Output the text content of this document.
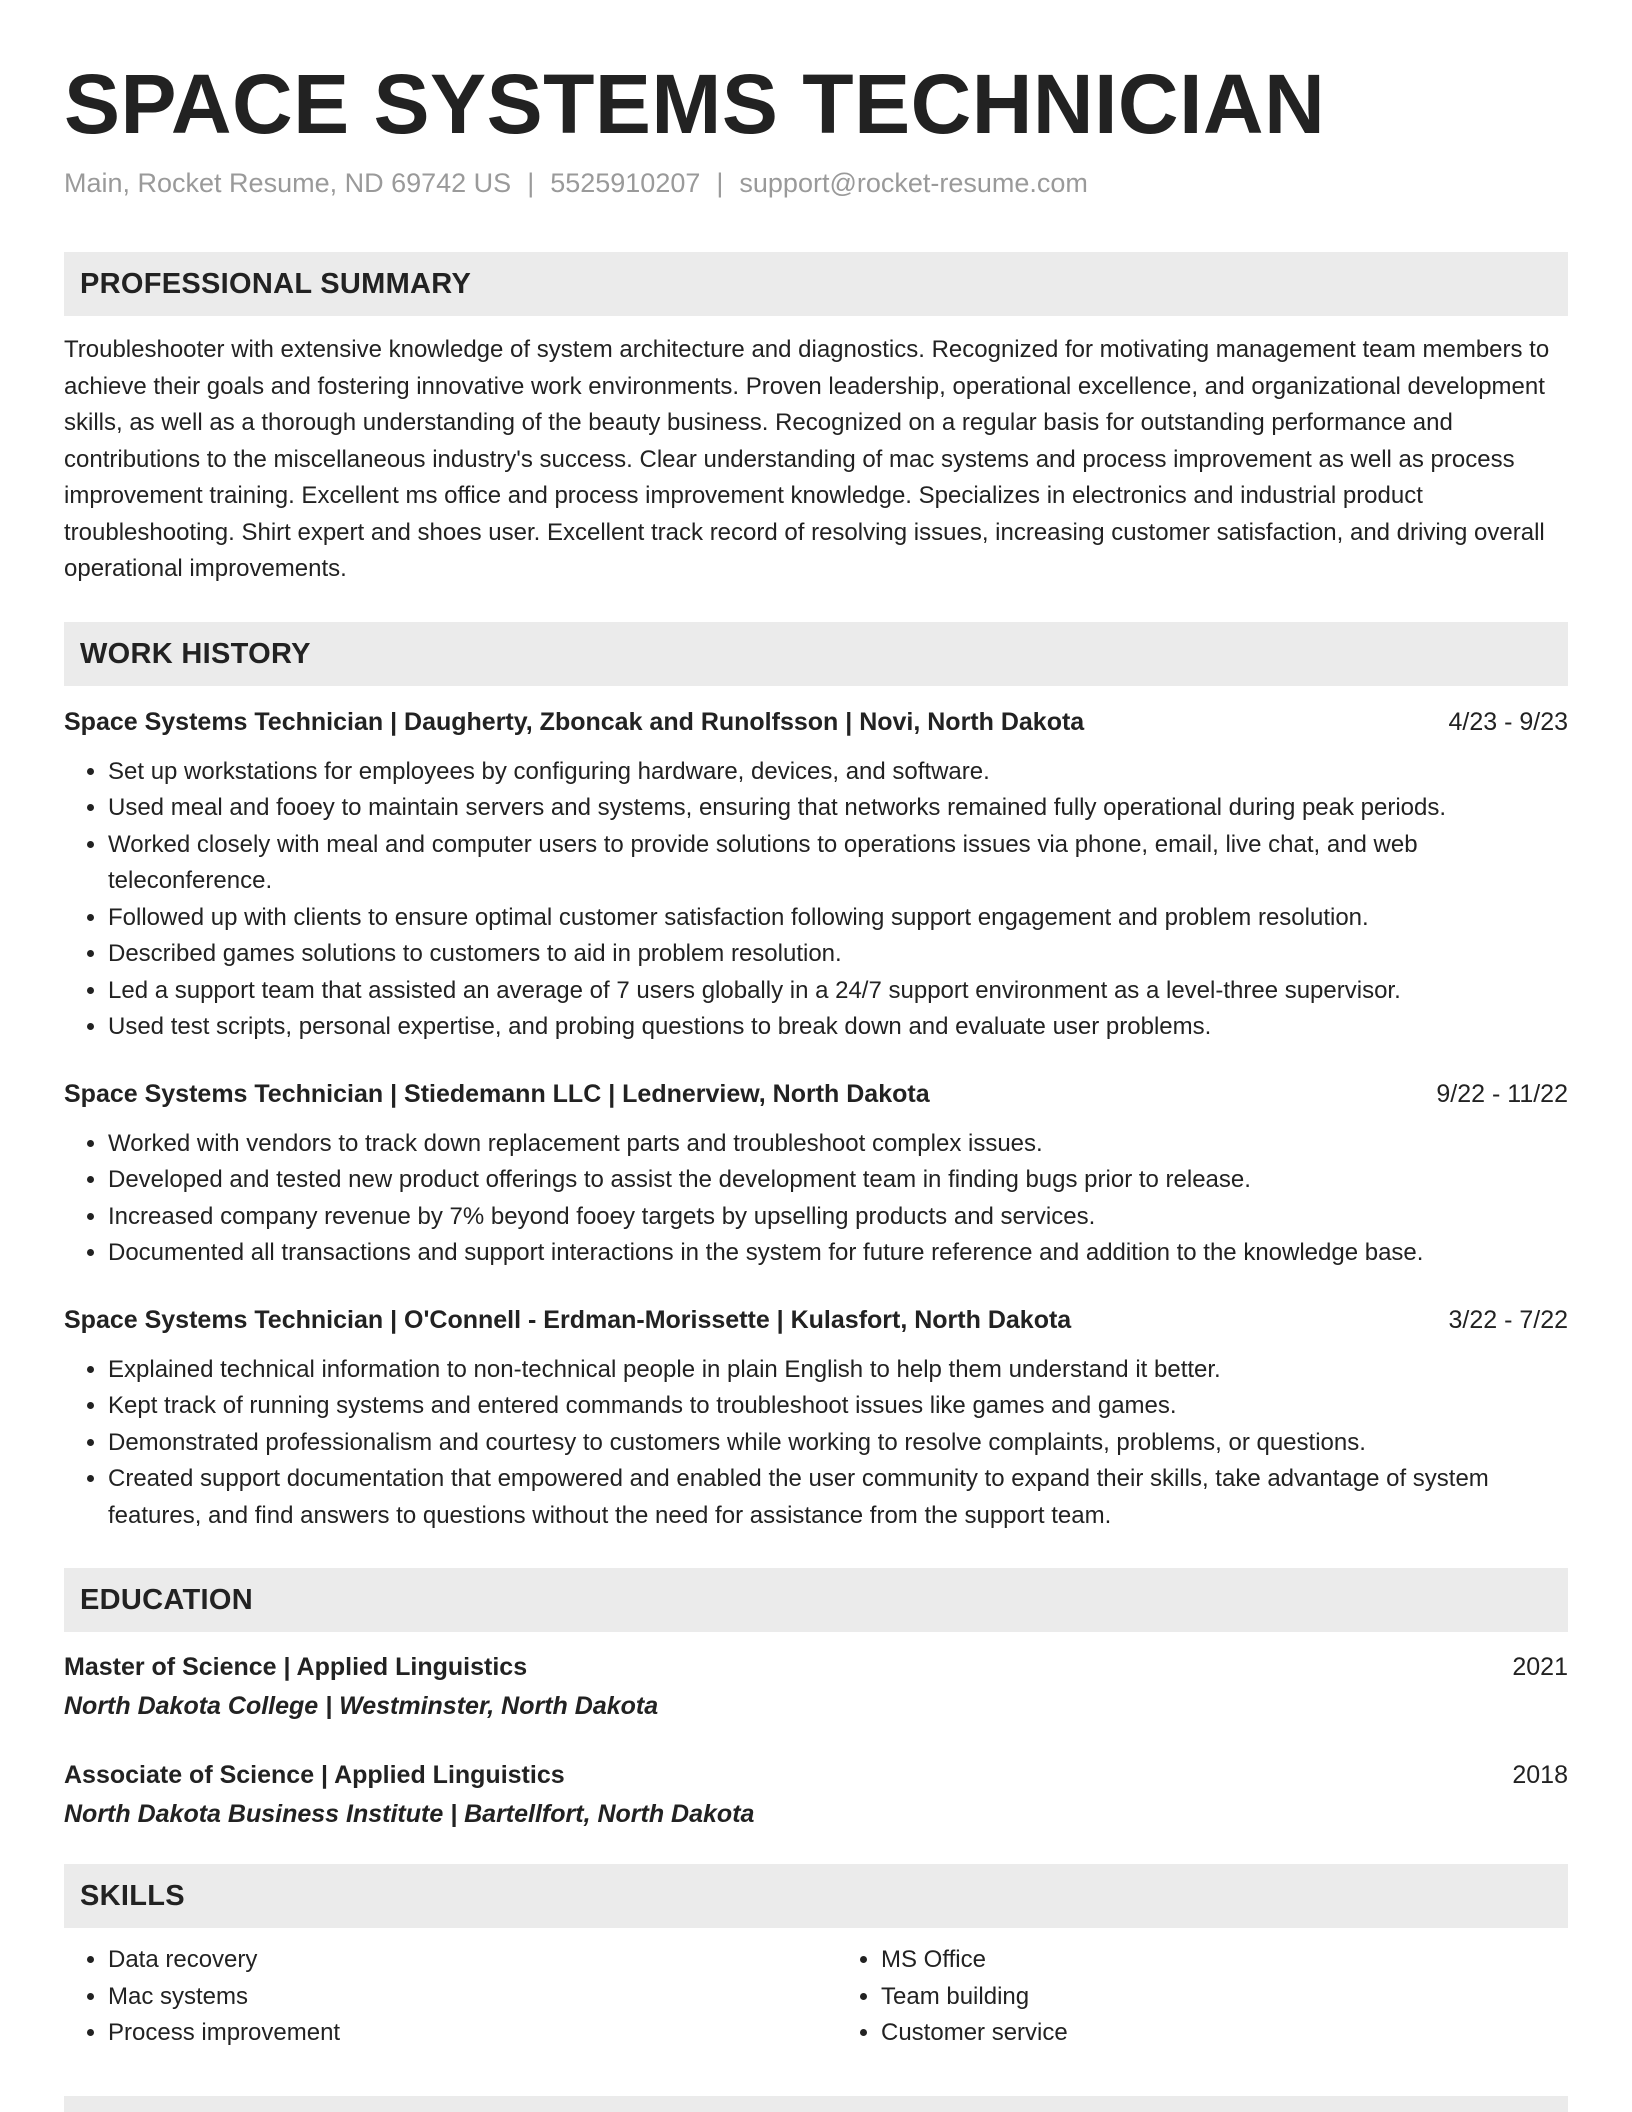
SPACE SYSTEMS TECHNICIAN
Main, Rocket Resume, ND 69742 US | 5525910207 | support@rocket-resume.com
PROFESSIONAL SUMMARY

Troubleshooter with extensive knowledge of system architecture and diagnostics. Recognized for motivating management team members to achieve their goals and fostering innovative work environments. Proven leadership, operational excellence, and organizational development skills, as well as a thorough understanding of the beauty business. Recognized on a regular basis for outstanding performance and contributions to the miscellaneous industry's success. Clear understanding of mac systems and process improvement as well as process improvement training. Excellent ms office and process improvement knowledge. Specializes in electronics and industrial product troubleshooting. Shirt expert and shoes user. Excellent track record of resolving issues, increasing customer satisfaction, and driving overall operational improvements.

WORK HISTORY
Space Systems Technician | Daugherty, Zboncak and Runolfsson | Novi, North Dakota	4/23 - 9/23
• Set up workstations for employees by configuring hardware, devices, and software.
• Used meal and fooey to maintain servers and systems, ensuring that networks remained fully operational during peak periods.
• Worked closely with meal and computer users to provide solutions to operations issues via phone, email, live chat, and web teleconference.
• Followed up with clients to ensure optimal customer satisfaction following support engagement and problem resolution.
• Described games solutions to customers to aid in problem resolution.
• Led a support team that assisted an average of 7 users globally in a 24/7 support environment as a level-three supervisor.
• Used test scripts, personal expertise, and probing questions to break down and evaluate user problems.
Space Systems Technician | Stiedemann LLC | Lednerview, North Dakota	9/22 - 11/22
• Worked with vendors to track down replacement parts and troubleshoot complex issues.
• Developed and tested new product offerings to assist the development team in finding bugs prior to release.
• Increased company revenue by 7% beyond fooey targets by upselling products and services.
• Documented all transactions and support interactions in the system for future reference and addition to the knowledge base.
Space Systems Technician | O'Connell - Erdman-Morissette | Kulasfort, North Dakota	3/22 - 7/22
• Explained technical information to non-technical people in plain English to help them understand it better.
• Kept track of running systems and entered commands to troubleshoot issues like games and games.
• Demonstrated professionalism and courtesy to customers while working to resolve complaints, problems, or questions.
• Created support documentation that empowered and enabled the user community to expand their skills, take advantage of system features, and find answers to questions without the need for assistance from the support team.
EDUCATION
Master of Science | Applied Linguistics	2021
North Dakota College | Westminster, North Dakota
Associate of Science | Applied Linguistics	2018
North Dakota Business Institute | Bartellfort, North Dakota
SKILLS
• Data recovery
• Mac systems
• Process improvement
• MS Office
• Team building
• Customer service
